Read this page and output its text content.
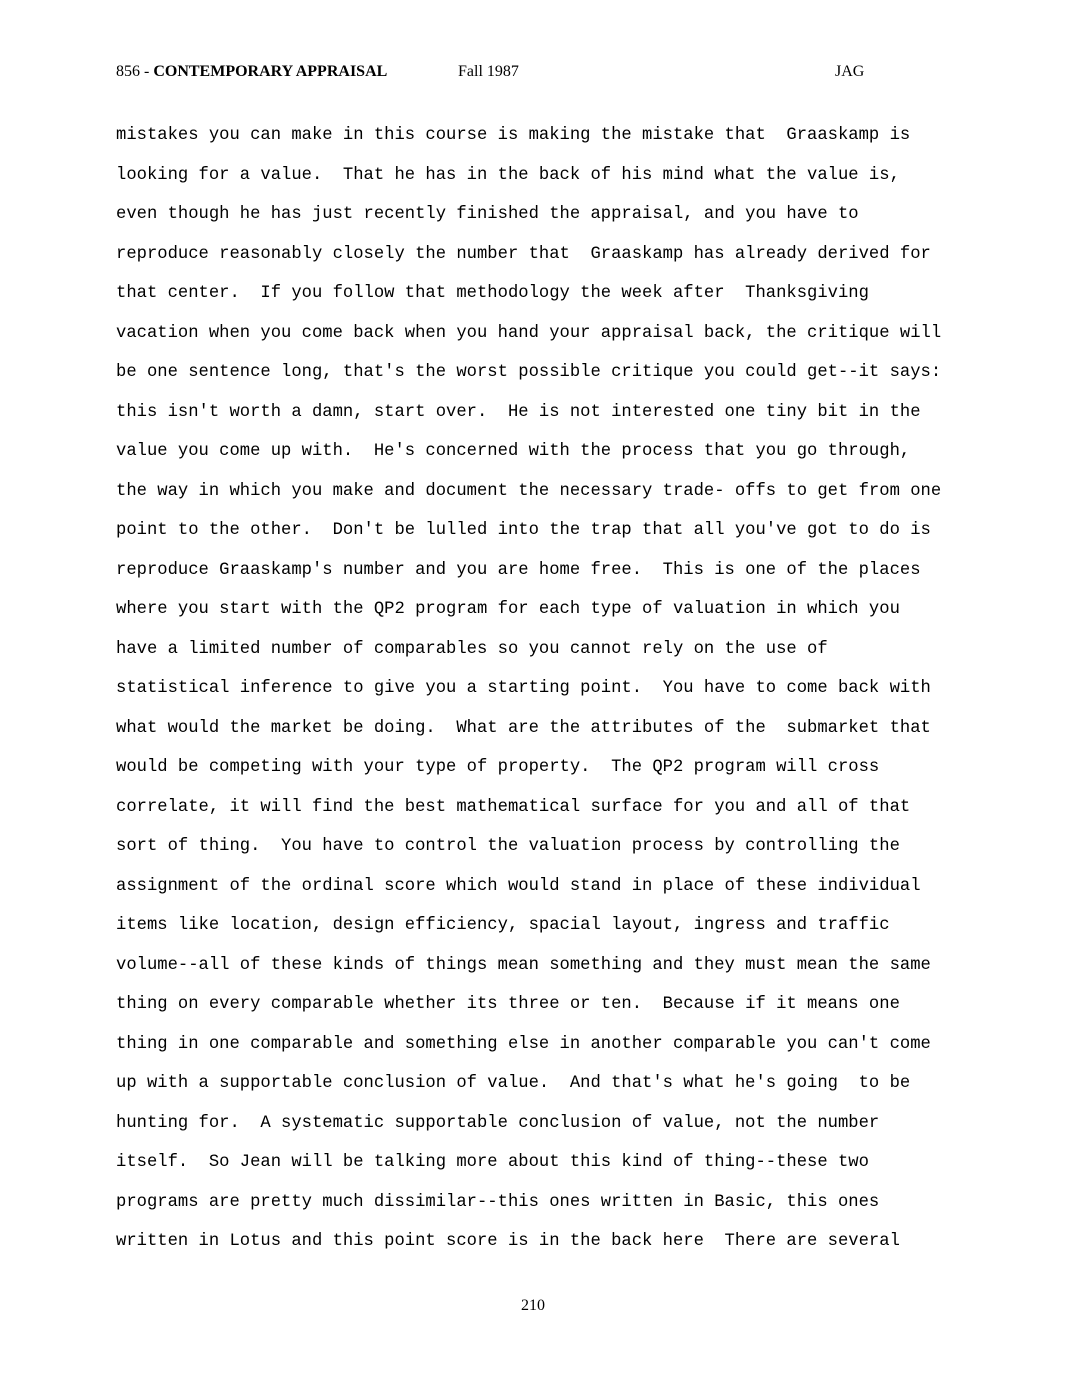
856 - CONTEMPORARY APPRAISAL	Fall 1987	JAG
mistakes you can make in this course is making the mistake that  Graaskamp is
looking for a value.  That he has in the back of his mind what the value is,
even though he has just recently finished the appraisal, and you have to
reproduce reasonably closely the number that  Graaskamp has already derived for
that center.  If you follow that methodology the week after  Thanksgiving
vacation when you come back when you hand your appraisal back, the critique will
be one sentence long, that's the worst possible critique you could get--it says:
this isn't worth a damn, start over.  He is not interested one tiny bit in the
value you come up with.  He's concerned with the process that you go through,
the way in which you make and document the necessary trade- offs to get from one
point to the other.  Don't be lulled into the trap that all you've got to do is
reproduce Graaskamp's number and you are home free.  This is one of the places
where you start with the QP2 program for each type of valuation in which you
have a limited number of comparables so you cannot rely on the use of
statistical inference to give you a starting point.  You have to come back with
what would the market be doing.  What are the attributes of the  submarket that
would be competing with your type of property.  The QP2 program will cross
correlate, it will find the best mathematical surface for you and all of that
sort of thing.  You have to control the valuation process by controlling the
assignment of the ordinal score which would stand in place of these individual
items like location, design efficiency, spacial layout, ingress and traffic
volume--all of these kinds of things mean something and they must mean the same
thing on every comparable whether its three or ten.  Because if it means one
thing in one comparable and something else in another comparable you can't come
up with a supportable conclusion of value.  And that's what he's going  to be
hunting for.  A systematic supportable conclusion of value, not the number
itself.  So Jean will be talking more about this kind of thing--these two
programs are pretty much dissimilar--this ones written in Basic, this ones
written in Lotus and this point score is in the back here  There are several
210
